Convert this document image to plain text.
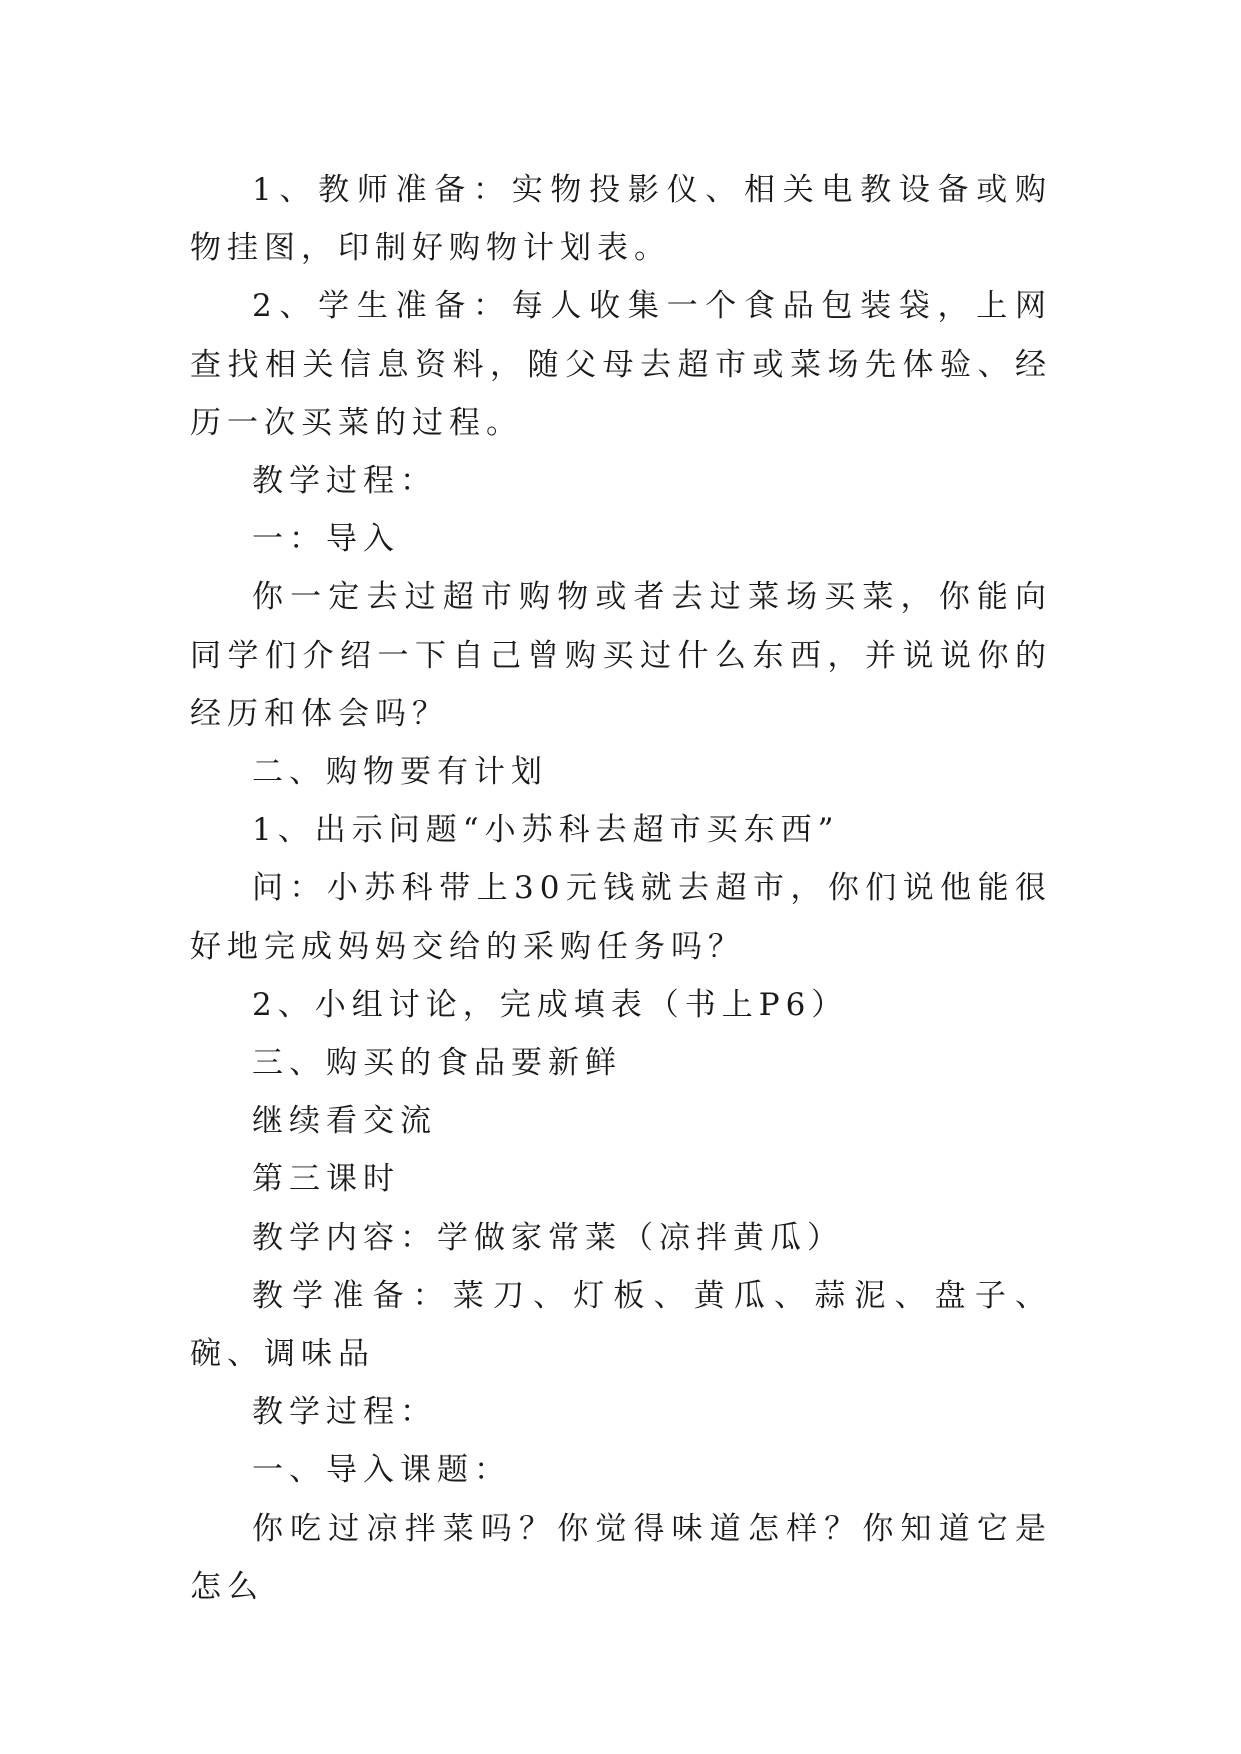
1、教师准备：实物投影仪、相关电教设备或购物挂图，印制好购物计划表。

2、学生准备：每人收集一个食品包装袋，上网查找相关信息资料，随父母去超市或菜场先体验、经历一次买菜的过程。

教学过程：

一：导入

你一定去过超市购物或者去过菜场买菜，你能向同学们介绍一下自己曾购买过什么东西，并说说你的经历和体会吗？

二、购物要有计划

1、出示问题“小苏科去超市买东西”

问：小苏科带上30元钱就去超市，你们说他能很好地完成妈妈交给的采购任务吗？

2、小组讨论，完成填表（书上P6）

三、购买的食品要新鲜

继续看交流

第三课时

教学内容：学做家常菜（凉拌黄瓜）

教学准备：菜刀、灯板、黄瓜、蒜泥、盘子、碗、调味品

教学过程：

一、导入课题：

你吃过凉拌菜吗？你觉得味道怎样？你知道它是怎么
